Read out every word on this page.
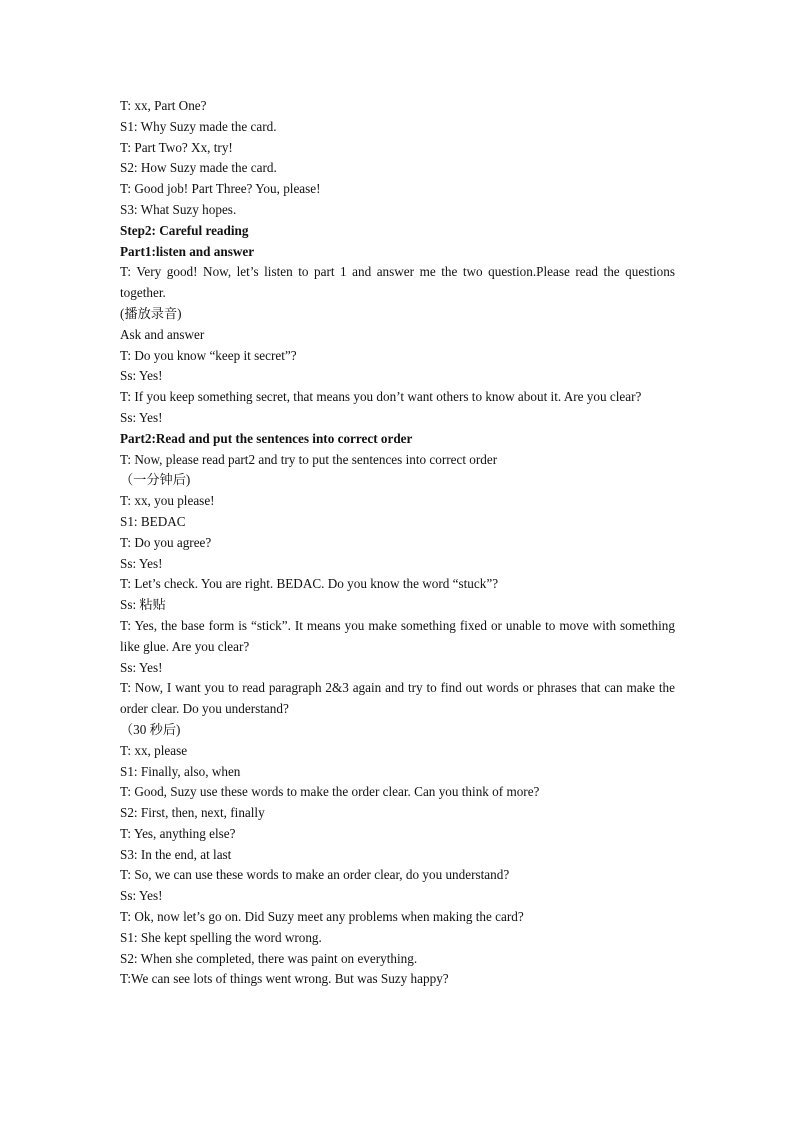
T: xx, Part One?
S1: Why Suzy made the card.
T: Part Two? Xx, try!
S2: How Suzy made the card.
T: Good job! Part Three? You, please!
S3: What Suzy hopes.
Step2: Careful reading
Part1:listen and answer
T: Very good! Now, let’s listen to part 1 and answer me the two question.Please read the questions together.
(播放录音)
Ask and answer
T: Do you know “keep it secret”?
Ss: Yes!
T: If you keep something secret, that means you don’t want others to know about it. Are you clear?
Ss: Yes!
Part2:Read and put the sentences into correct order
T: Now, please read part2 and try to put the sentences into correct order
（一分钟后)
T: xx, you please!
S1: BEDAC
T: Do you agree?
Ss: Yes!
T: Let’s check. You are right. BEDAC. Do you know the word “stuck”?
Ss: 粘贴
T: Yes, the base form is “stick”. It means you make something fixed or unable to move with something like glue. Are you clear?
Ss: Yes!
T: Now, I want you to read paragraph 2&3 again and try to find out words or phrases that can make the order clear. Do you understand?
（30 秒后)
T: xx, please
S1: Finally, also, when
T: Good, Suzy use these words to make the order clear. Can you think of more?
S2: First, then, next, finally
T: Yes, anything else?
S3: In the end, at last
T: So, we can use these words to make an order clear, do you understand?
Ss: Yes!
T: Ok, now let’s go on. Did Suzy meet any problems when making the card?
S1: She kept spelling the word wrong.
S2: When she completed, there was paint on everything.
T:We can see lots of things went wrong. But was Suzy happy?
